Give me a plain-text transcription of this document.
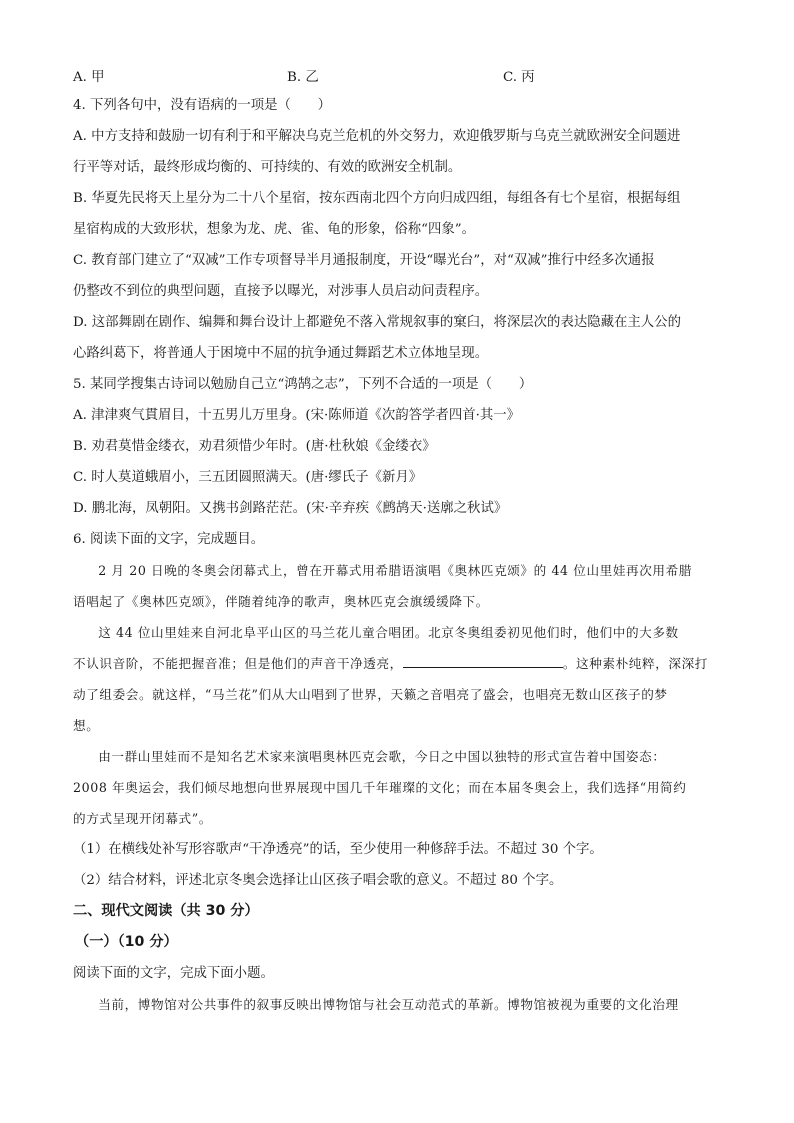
A. 甲	B. 乙	C. 丙

4. 下列各句中，没有语病的一项是（　　）

A. 中方支持和鼓励一切有利于和平解决乌克兰危机的外交努力，欢迎俄罗斯与乌克兰就欧洲安全问题进

行平等对话，最终形成均衡的、可持续的、有效的欧洲安全机制。

B. 华夏先民将天上星分为二十八个星宿，按东西南北四个方向归成四组，每组各有七个星宿，根据每组

星宿构成的大致形状，想象为龙、虎、雀、龟的形象，俗称“四象”。

C. 教育部门建立了“双减”工作专项督导半月通报制度，开设“曝光台”，对“双减”推行中经多次通报

仍整改不到位的典型问题，直接予以曝光，对涉事人员启动问责程序。

D. 这部舞剧在剧作、编舞和舞台设计上都避免不落入常规叙事的窠臼，将深层次的表达隐藏在主人公的

心路纠葛下，将普通人于困境中不屈的抗争通过舞蹈艺术立体地呈现。

5. 某同学搜集古诗词以勉励自己立“鸿鹄之志”，下列不合适的一项是（　　）

A. 津津爽气貫眉目，十五男儿万里身。(宋·陈师道《次韵答学者四首·其一》

B. 劝君莫惜金缕衣，劝君须惜少年时。(唐·杜秋娘《金缕衣》

C. 时人莫道蛾眉小，三五团圆照满天。(唐·缪氏子《新月》

D. 鹏北海，凤朝阳。又携书剑路茫茫。(宋·辛弃疾《鹧鸪天·送廓之秋试》

6. 阅读下面的文字，完成题目。

2 月 20 日晚的冬奥会闭幕式上，曾在开幕式用希腊语演唱《奥林匹克颂》的 44 位山里娃再次用希腊

语唱起了《奥林匹克颂》，伴随着纯净的歌声，奥林匹克会旗缓缓降下。

这 44 位山里娃来自河北阜平山区的马兰花儿童合唱团。北京冬奥组委初见他们时，他们中的大多数

不认识音阶，不能把握音准；但是他们的声音干净透亮，	。这种素朴纯粹，深深打

动了组委会。就这样，“马兰花”们从大山唱到了世界，天籁之音唱亮了盛会，也唱亮无数山区孩子的梦

想。

由一群山里娃而不是知名艺术家来演唱奥林匹克会歌，今日之中国以独特的形式宣告着中国姿态：

2008 年奥运会，我们倾尽地想向世界展现中国几千年璀璨的文化；而在本届冬奥会上，我们选择“用简约

的方式呈现开闭幕式”。

（1）在横线处补写形容歌声“干净透亮”的话，至少使用一种修辞手法。不超过 30 个字。

（2）结合材料，评述北京冬奥会选择让山区孩子唱会歌的意义。不超过 80 个字。

二、现代文阅读（共 30 分）

（一）（10 分）

阅读下面的文字，完成下面小题。

当前，博物馆对公共事件的叙事反映出博物馆与社会互动范式的革新。博物馆被视为重要的文化治理
